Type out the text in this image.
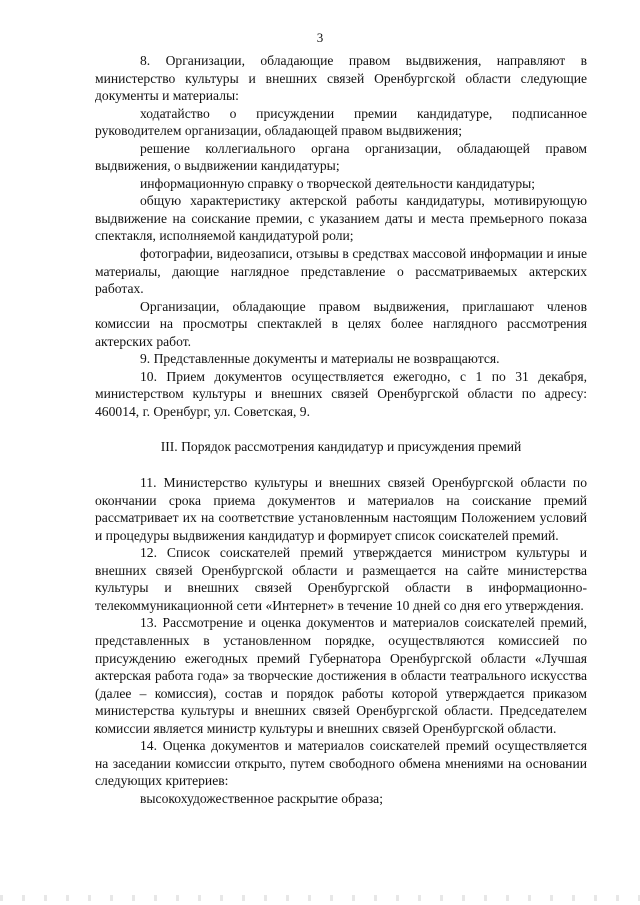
3

8. Организации, обладающие правом выдвижения, направляют в министерство культуры и внешних связей Оренбургской области следующие документы и материалы:

ходатайство о присуждении премии кандидатуре, подписанное руководителем организации, обладающей правом выдвижения;

решение коллегиального органа организации, обладающей правом выдвижения, о выдвижении кандидатуры;

информационную справку о творческой деятельности кандидатуры;

общую характеристику актерской работы кандидатуры, мотивирующую выдвижение на соискание премии, с указанием даты и места премьерного показа спектакля, исполняемой кандидатурой роли;

фотографии, видеозаписи, отзывы в средствах массовой информации и иные материалы, дающие наглядное представление о рассматриваемых актерских работах.

Организации, обладающие правом выдвижения, приглашают членов комиссии на просмотры спектаклей в целях более наглядного рассмотрения актерских работ.

9. Представленные документы и материалы не возвращаются.

10. Прием документов осуществляется ежегодно, с 1 по 31 декабря, министерством культуры и внешних связей Оренбургской области по адресу: 460014, г. Оренбург, ул. Советская, 9.

III. Порядок рассмотрения кандидатур и присуждения премий

11. Министерство культуры и внешних связей Оренбургской области по окончании срока приема документов и материалов на соискание премий рассматривает их на соответствие установленным настоящим Положением условий и процедуры выдвижения кандидатур и формирует список соискателей премий.

12. Список соискателей премий утверждается министром культуры и внешних связей Оренбургской области и размещается на сайте министерства культуры и внешних связей Оренбургской области в информационно-телекоммуникационной сети «Интернет» в течение 10 дней со дня его утверждения.

13. Рассмотрение и оценка документов и материалов соискателей премий, представленных в установленном порядке, осуществляются комиссией по присуждению ежегодных премий Губернатора Оренбургской области «Лучшая актерская работа года» за творческие достижения в области театрального искусства (далее – комиссия), состав и порядок работы которой утверждается приказом министерства культуры и внешних связей Оренбургской области. Председателем комиссии является министр культуры и внешних связей Оренбургской области.

14. Оценка документов и материалов соискателей премий осуществляется на заседании комиссии открыто, путем свободного обмена мнениями на основании следующих критериев:

высокохудожественное раскрытие образа;
